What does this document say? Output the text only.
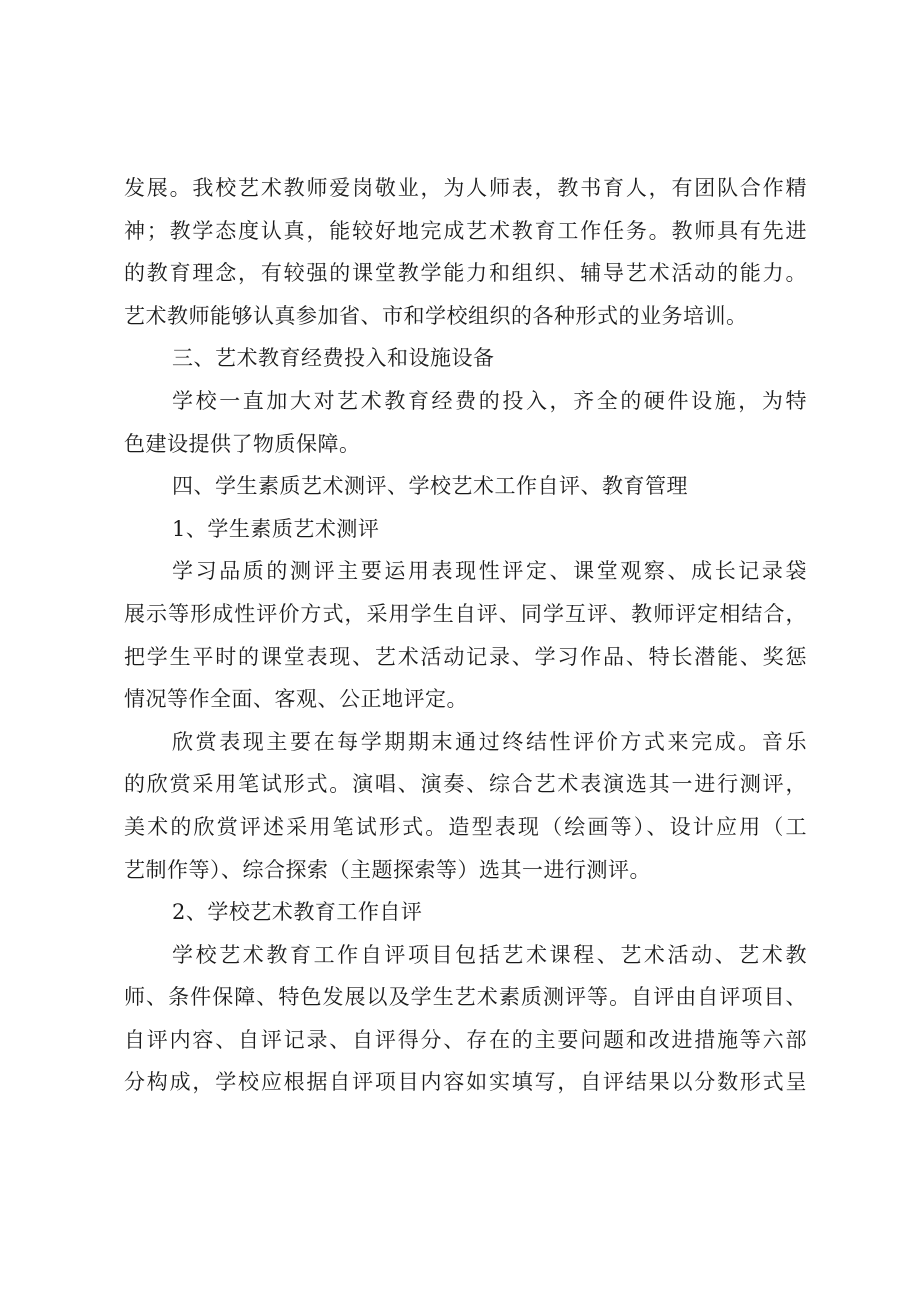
发展。我校艺术教师爱岗敬业，为人师表，教书育人，有团队合作精
神；教学态度认真，能较好地完成艺术教育工作任务。教师具有先进
的教育理念，有较强的课堂教学能力和组织、辅导艺术活动的能力。
艺术教师能够认真参加省、市和学校组织的各种形式的业务培训。
三、艺术教育经费投入和设施设备
学校一直加大对艺术教育经费的投入，齐全的硬件设施，为特
色建设提供了物质保障。
四、学生素质艺术测评、学校艺术工作自评、教育管理
1、学生素质艺术测评
学习品质的测评主要运用表现性评定、课堂观察、成长记录袋
展示等形成性评价方式，采用学生自评、同学互评、教师评定相结合，
把学生平时的课堂表现、艺术活动记录、学习作品、特长潜能、奖惩
情况等作全面、客观、公正地评定。
欣赏表现主要在每学期期末通过终结性评价方式来完成。音乐
的欣赏采用笔试形式。演唱、演奏、综合艺术表演选其一进行测评，
美术的欣赏评述采用笔试形式。造型表现（绘画等）、设计应用（工
艺制作等）、综合探索（主题探索等）选其一进行测评。
2、学校艺术教育工作自评
学校艺术教育工作自评项目包括艺术课程、艺术活动、艺术教
师、条件保障、特色发展以及学生艺术素质测评等。自评由自评项目、
自评内容、自评记录、自评得分、存在的主要问题和改进措施等六部
分构成，学校应根据自评项目内容如实填写，自评结果以分数形式呈
